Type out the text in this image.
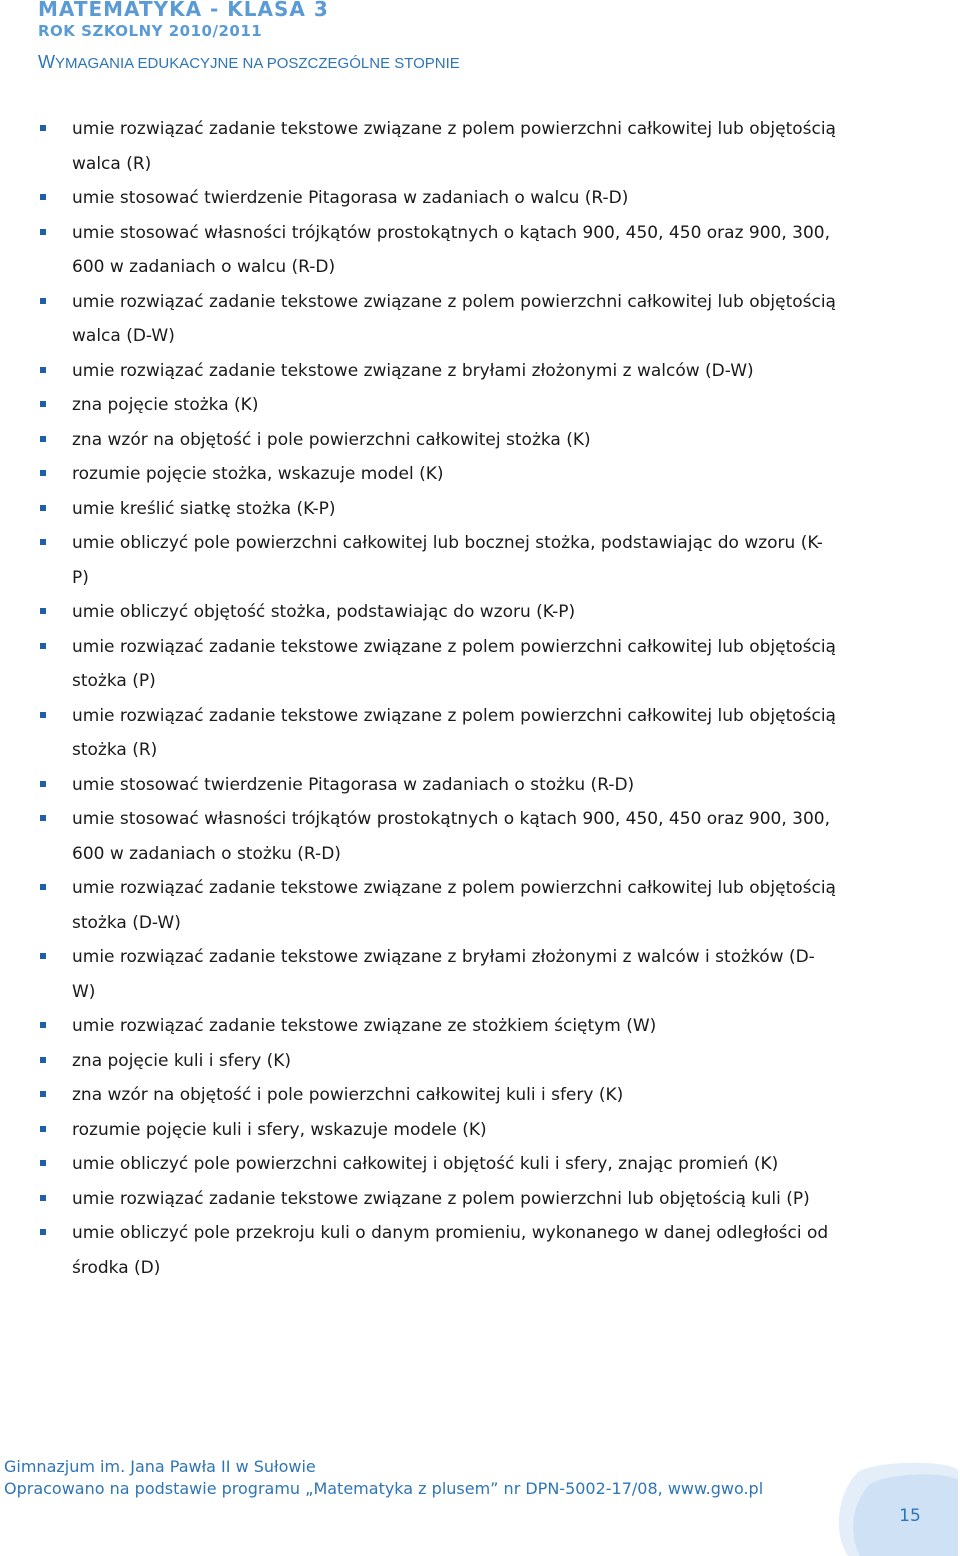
MATEMATYKA - KLASA 3
ROK SZKOLNY 2010/2011
WYMAGANIA EDUKACYJNE NA POSZCZEGÓLNE STOPNIE
umie rozwiązać zadanie tekstowe związane z polem powierzchni całkowitej lub objętością walca (R)
umie stosować twierdzenie Pitagorasa w zadaniach o walcu (R-D)
umie stosować własności trójkątów prostokątnych o kątach 900, 450, 450 oraz 900, 300, 600 w zadaniach o walcu (R-D)
umie rozwiązać zadanie tekstowe związane z polem powierzchni całkowitej lub objętością walca (D-W)
umie rozwiązać zadanie tekstowe związane z bryłami złożonymi z walców (D-W)
zna pojęcie stożka (K)
zna wzór na objętość i pole powierzchni całkowitej stożka (K)
rozumie pojęcie stożka, wskazuje model (K)
umie kreślić siatkę stożka (K-P)
umie obliczyć pole powierzchni całkowitej lub bocznej stożka, podstawiając do wzoru (K-P)
umie obliczyć objętość stożka, podstawiając do wzoru (K-P)
umie rozwiązać zadanie tekstowe związane z polem powierzchni całkowitej lub objętością stożka (P)
umie rozwiązać zadanie tekstowe związane z polem powierzchni całkowitej lub objętością stożka (R)
umie stosować twierdzenie Pitagorasa w zadaniach o stożku (R-D)
umie stosować własności trójkątów prostokątnych o kątach 900, 450, 450 oraz 900, 300, 600 w zadaniach o stożku (R-D)
umie rozwiązać zadanie tekstowe związane z polem powierzchni całkowitej lub objętością stożka (D-W)
umie rozwiązać zadanie tekstowe związane z bryłami złożonymi z walców i stożków (D-W)
umie rozwiązać zadanie tekstowe związane ze stożkiem ściętym (W)
zna pojęcie kuli i sfery (K)
zna wzór na objętość i pole powierzchni całkowitej kuli i sfery (K)
rozumie pojęcie kuli i sfery, wskazuje modele (K)
umie obliczyć pole powierzchni całkowitej i objętość kuli i sfery, znając promień (K)
umie rozwiązać zadanie tekstowe związane z polem powierzchni lub objętością kuli (P)
umie obliczyć pole przekroju kuli o danym promieniu, wykonanego w danej odległości od środka (D)
Gimnazjum im. Jana Pawła II w Sułowie
Opracowano na podstawie programu „Matematyka z plusem” nr DPN-5002-17/08, www.gwo.pl
15
